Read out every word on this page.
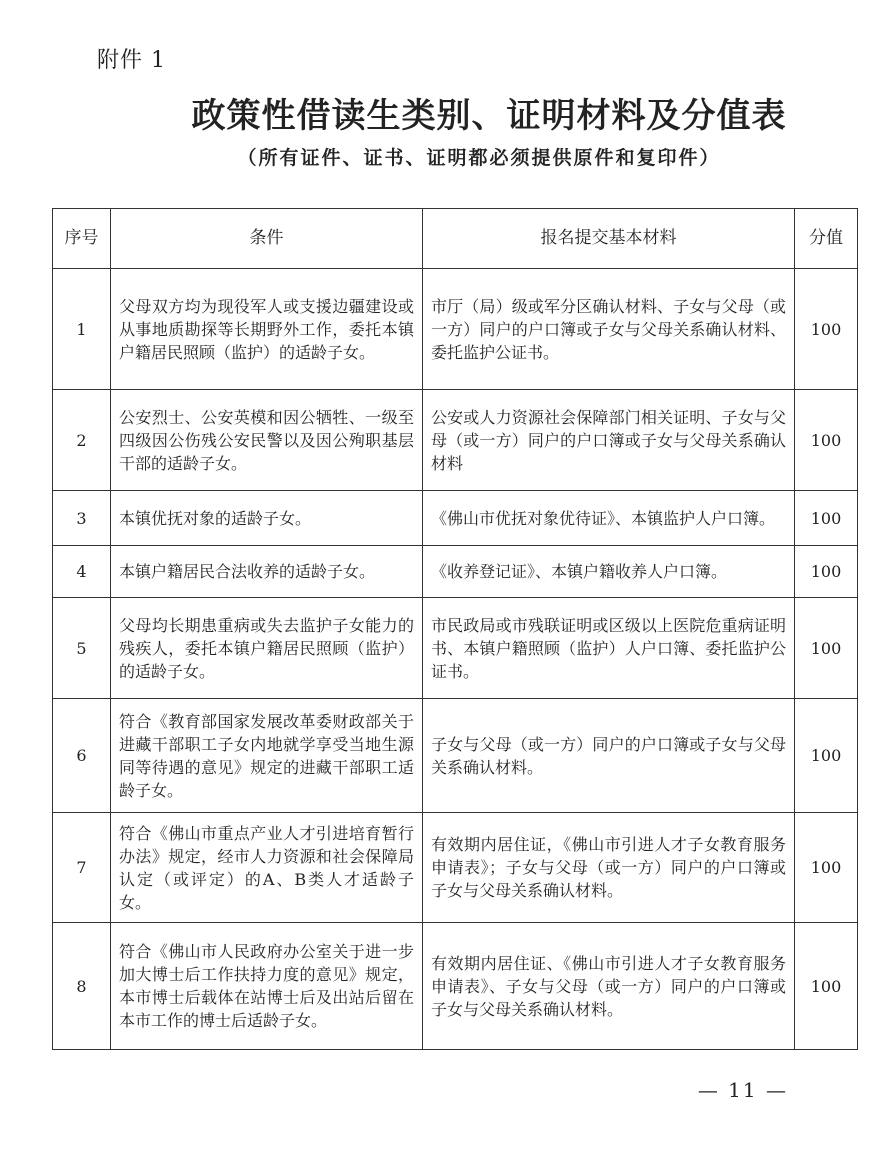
附件 1
政策性借读生类别、证明材料及分值表
（所有证件、证书、证明都必须提供原件和复印件）
序号	条件	报名提交基本材料	分值
1	父母双方均为现役军人或支援边疆建设或从事地质勘探等长期野外工作，委托本镇户籍居民照顾（监护）的适龄子女。	市厅（局）级或军分区确认材料、子女与父母（或一方）同户的户口簿或子女与父母关系确认材料、委托监护公证书。	100
2	公安烈士、公安英模和因公牺牲、一级至四级因公伤残公安民警以及因公殉职基层干部的适龄子女。	公安或人力资源社会保障部门相关证明、子女与父母（或一方）同户的户口簿或子女与父母关系确认材料	100
3	本镇优抚对象的适龄子女。	《佛山市优抚对象优待证》、本镇监护人户口簿。	100
4	本镇户籍居民合法收养的适龄子女。	《收养登记证》、本镇户籍收养人户口簿。	100
5	父母均长期患重病或失去监护子女能力的残疾人，委托本镇户籍居民照顾（监护）的适龄子女。	市民政局或市残联证明或区级以上医院危重病证明书、本镇户籍照顾（监护）人户口簿、委托监护公证书。	100
6	符合《教育部国家发展改革委财政部关于进藏干部职工子女内地就学享受当地生源同等待遇的意见》规定的进藏干部职工适龄子女。	子女与父母（或一方）同户的户口簿或子女与父母关系确认材料。	100
7	符合《佛山市重点产业人才引进培育暂行办法》规定，经市人力资源和社会保障局认定（或评定）的A、B类人才适龄子女。	有效期内居住证，《佛山市引进人才子女教育服务申请表》；子女与父母（或一方）同户的户口簿或子女与父母关系确认材料。	100
8	符合《佛山市人民政府办公室关于进一步加大博士后工作扶持力度的意见》规定，本市博士后载体在站博士后及出站后留在本市工作的博士后适龄子女。	有效期内居住证、《佛山市引进人才子女教育服务申请表》、子女与父母（或一方）同户的户口簿或子女与父母关系确认材料。	100
— 11 —
